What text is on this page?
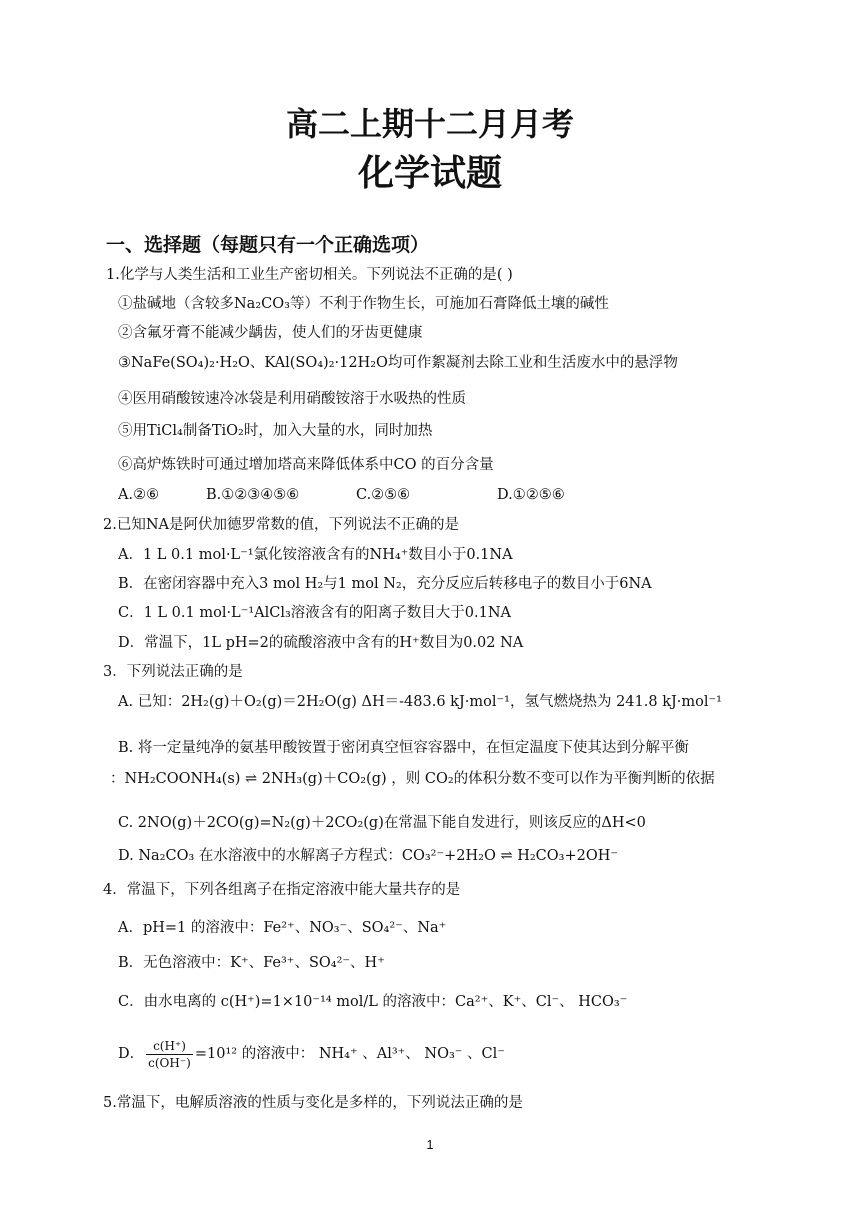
高二上期十二月月考
化学试题
一、选择题（每题只有一个正确选项）
1.化学与人类生活和工业生产密切相关。下列说法不正确的是( )
①盐碱地（含较多Na₂CO₃等）不利于作物生长，可施加石膏降低土壤的碱性
②含氟牙膏不能减少龋齿，使人们的牙齿更健康
③NaFe(SO₄)₂·H₂O、KAl(SO₄)₂·12H₂O均可作絮凝剂去除工业和生活废水中的悬浮物
④医用硝酸铵速冷冰袋是利用硝酸铵溶于水吸热的性质
⑤用TiCl₄制备TiO₂时，加入大量的水，同时加热
⑥高炉炼铁时可通过增加塔高来降低体系中CO 的百分含量
A.②⑥	B.①②③④⑤⑥	C.②⑤⑥	D.①②⑤⑥
2.已知NA是阿伏加德罗常数的值，下列说法不正确的是
A．1 L 0.1 mol·L⁻¹氯化铵溶液含有的NH₄⁺数目小于0.1NA
B．在密闭容器中充入3 mol H₂与1 mol N₂，充分反应后转移电子的数目小于6NA
C．1 L 0.1 mol·L⁻¹AlCl₃溶液含有的阳离子数目大于0.1NA
D．常温下，1L pH=2的硫酸溶液中含有的H⁺数目为0.02 NA
3．下列说法正确的是
A. 已知：2H₂(g)＋O₂(g)＝2H₂O(g) ΔH＝-483.6 kJ·mol⁻¹，氢气燃烧热为 241.8 kJ·mol⁻¹
B. 将一定量纯净的氨基甲酸铵置于密闭真空恒容容器中，在恒定温度下使其达到分解平衡
：NH₂COONH₄(s) ⇌ 2NH₃(g)＋CO₂(g) ，则 CO₂的体积分数不变可以作为平衡判断的依据
C. 2NO(g)＋2CO(g)=N₂(g)＋2CO₂(g)在常温下能自发进行，则该反应的ΔH<0
D. Na₂CO₃ 在水溶液中的水解离子方程式：CO₃²⁻+2H₂O ⇌ H₂CO₃+2OH⁻
4．常温下，下列各组离子在指定溶液中能大量共存的是
A．pH=1 的溶液中：Fe²⁺、NO₃⁻、SO₄²⁻、Na⁺
B．无色溶液中：K⁺、Fe³⁺、SO₄²⁻、H⁺
C．由水电离的 c(H⁺)=1×10⁻¹⁴ mol/L 的溶液中：Ca²⁺、K⁺、Cl⁻、 HCO₃⁻
D． $\frac{c(H^+)}{c(OH^-)} =10^{12}$ 的溶液中： NH₄⁺ 、Al³⁺、 NO₃⁻ 、Cl⁻
5.常温下，电解质溶液的性质与变化是多样的，下列说法正确的是
1
